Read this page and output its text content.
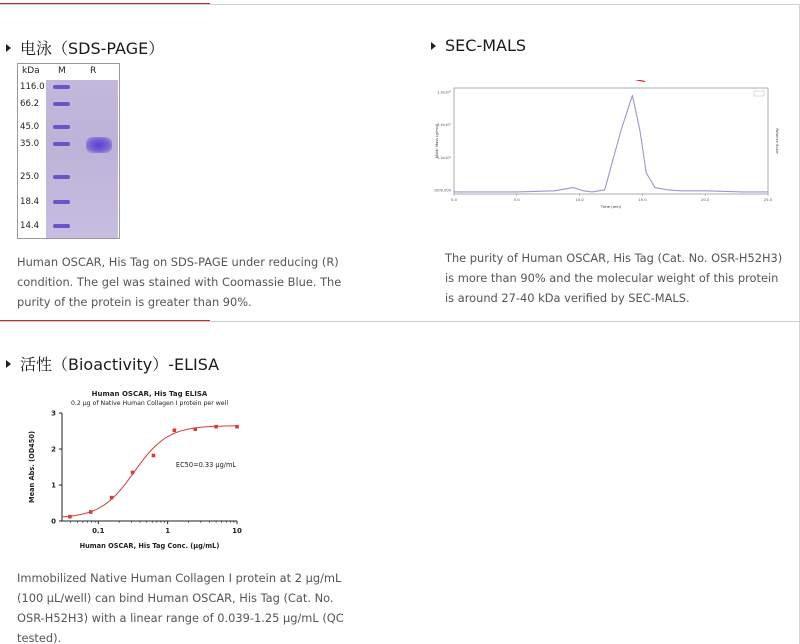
电泳（SDS-PAGE）
kDa M	R
116.0
66.2
45.0
35.0
25.0
18.4
14.4
Human OSCAR, His Tag on SDS-PAGE under reducing (R) condition. The gel was stained with Coomassie Blue. The purity of the protein is greater than 90%.
SEC-MALS
1.0x10⁶
1.0x10⁵
1.0x10⁴
1000.000
0.0	5.0	10.0	15.0	20.0	25.0
Time (min)
Molar Mass (g/mol)	Relative Scale
The purity of Human OSCAR, His Tag (Cat. No. OSR-H52H3) is more than 90% and the molecular weight of this protein is around 27-40 kDa verified by SEC-MALS.
活性（Bioactivity）-ELISA
Human OSCAR, His Tag ELISA
0.2 μg of Native Human Collagen I protein per well
0
1
2
3
0.1	1	10
Human OSCAR, His Tag Conc. (μg/mL)
Mean Abs. (OD450)	EC50=0.33 μg/mL
Immobilized Native Human Collagen I protein at 2 μg/mL (100 μL/well) can bind Human OSCAR, His Tag (Cat. No. OSR-H52H3) with a linear range of 0.039-1.25 μg/mL (QC tested).
